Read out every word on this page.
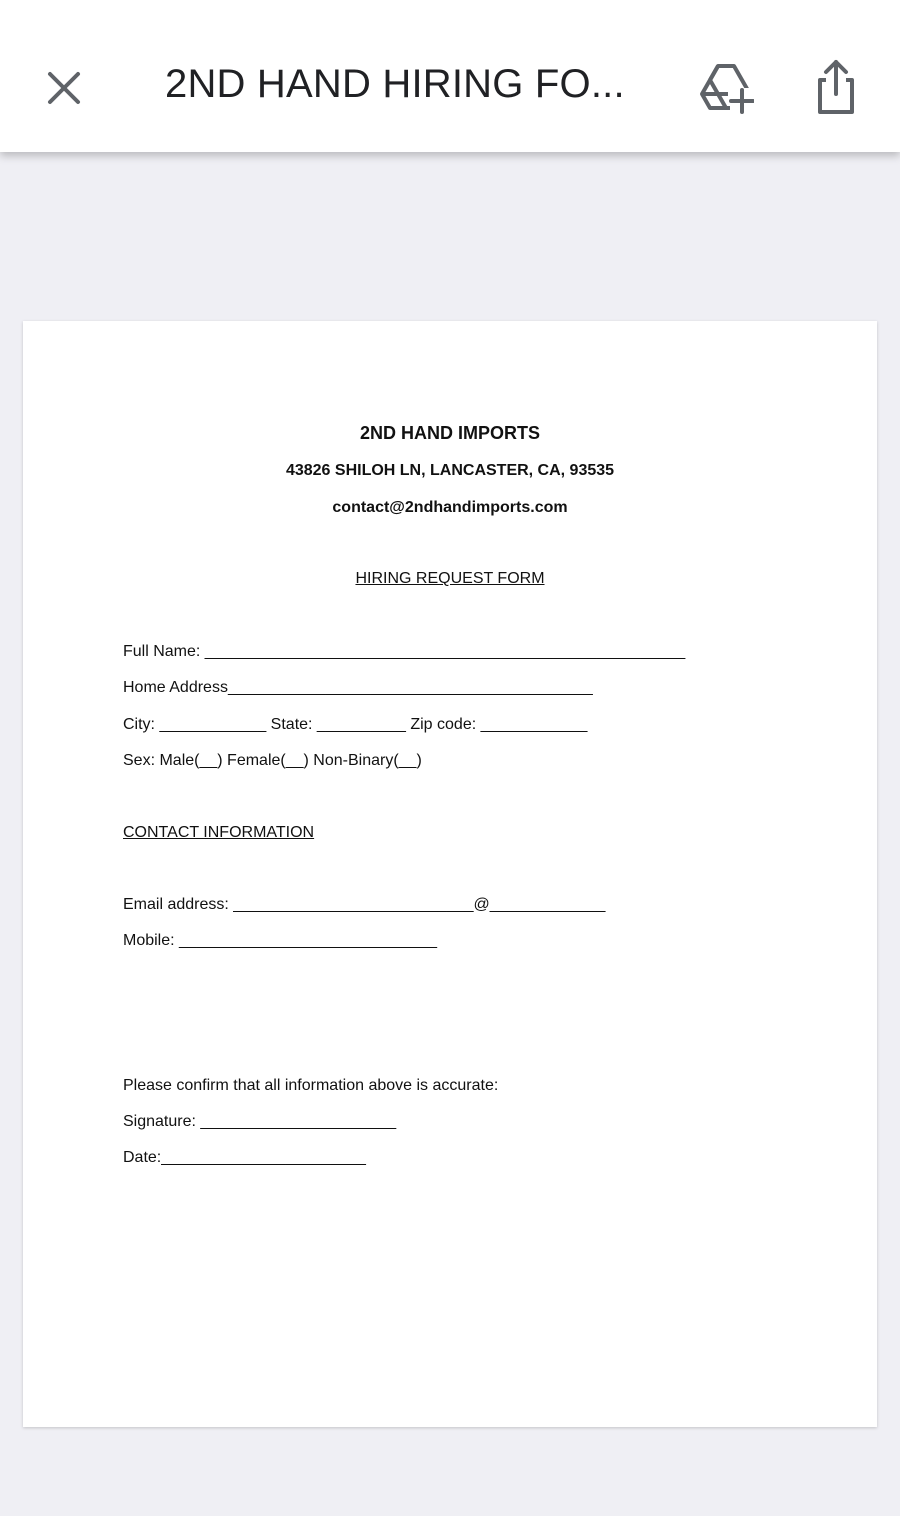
2ND HAND HIRING FO...
2ND HAND IMPORTS
43826 SHILOH LN, LANCASTER, CA, 93535
contact@2ndhandimports.com
HIRING REQUEST FORM
Full Name: ______________________________________________________
Home Address_________________________________________
City: ____________ State: __________ Zip code: ____________
Sex: Male(__) Female(__) Non-Binary(__)
CONTACT INFORMATION
Email address: ___________________________@_____________
Mobile: _____________________________
Please confirm that all information above is accurate:
Signature: ______________________
Date:_______________________
